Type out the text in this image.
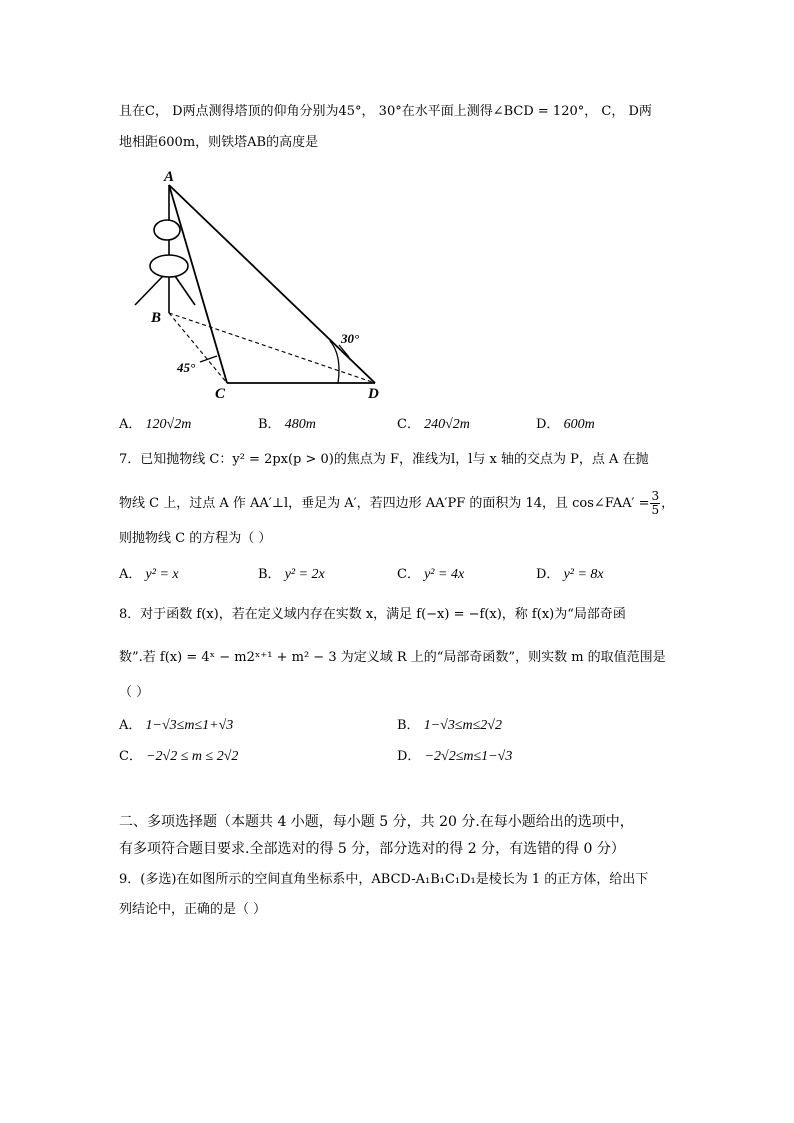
且在C， D两点测得塔顶的仰角分别为45°， 30°在水平面上测得∠BCD = 120°， C， D两
地相距600m，则铁塔AB的高度是
A
B
C	D
45°
30°
A． 120√2m	B． 480m	C． 240√2m	D． 600m
7．已知抛物线 C：y² = 2px(p > 0)的焦点为 F，准线为l，l与 x 轴的交点为 P，点 A 在抛
物线 C 上，过点 A 作 AA′⊥l，垂足为 A′，若四边形 AA′PF 的面积为 14，且 cos∠FAA′ = $\frac{3}{5}$ ，
则抛物线 C 的方程为（ ）
A． y² = x	B． y² = 2x	C． y² = 4x	D． y² = 8x
8．对于函数 f(x)，若在定义域内存在实数 x，满足 f(−x) = −f(x)，称 f(x)为“局部奇函
数”.若 f(x) = 4ˣ − m2ˣ⁺¹ + m² − 3 为定义域 R 上的“局部奇函数”，则实数 m 的取值范围是
（ ）
A． 1−√3≤m≤1+√3	B． 1−√3≤m≤2√2
C． −2√2 ≤ m ≤ 2√2	D． −2√2≤m≤1−√3
二、多项选择题（本题共 4 小题，每小题 5 分，共 20 分.在每小题给出的选项中，
有多项符合题目要求.全部选对的得 5 分，部分选对的得 2 分，有选错的得 0 分）
9．(多选)在如图所示的空间直角坐标系中，ABCD-A₁B₁C₁D₁是棱长为 1 的正方体，给出下
列结论中，正确的是（ ）
